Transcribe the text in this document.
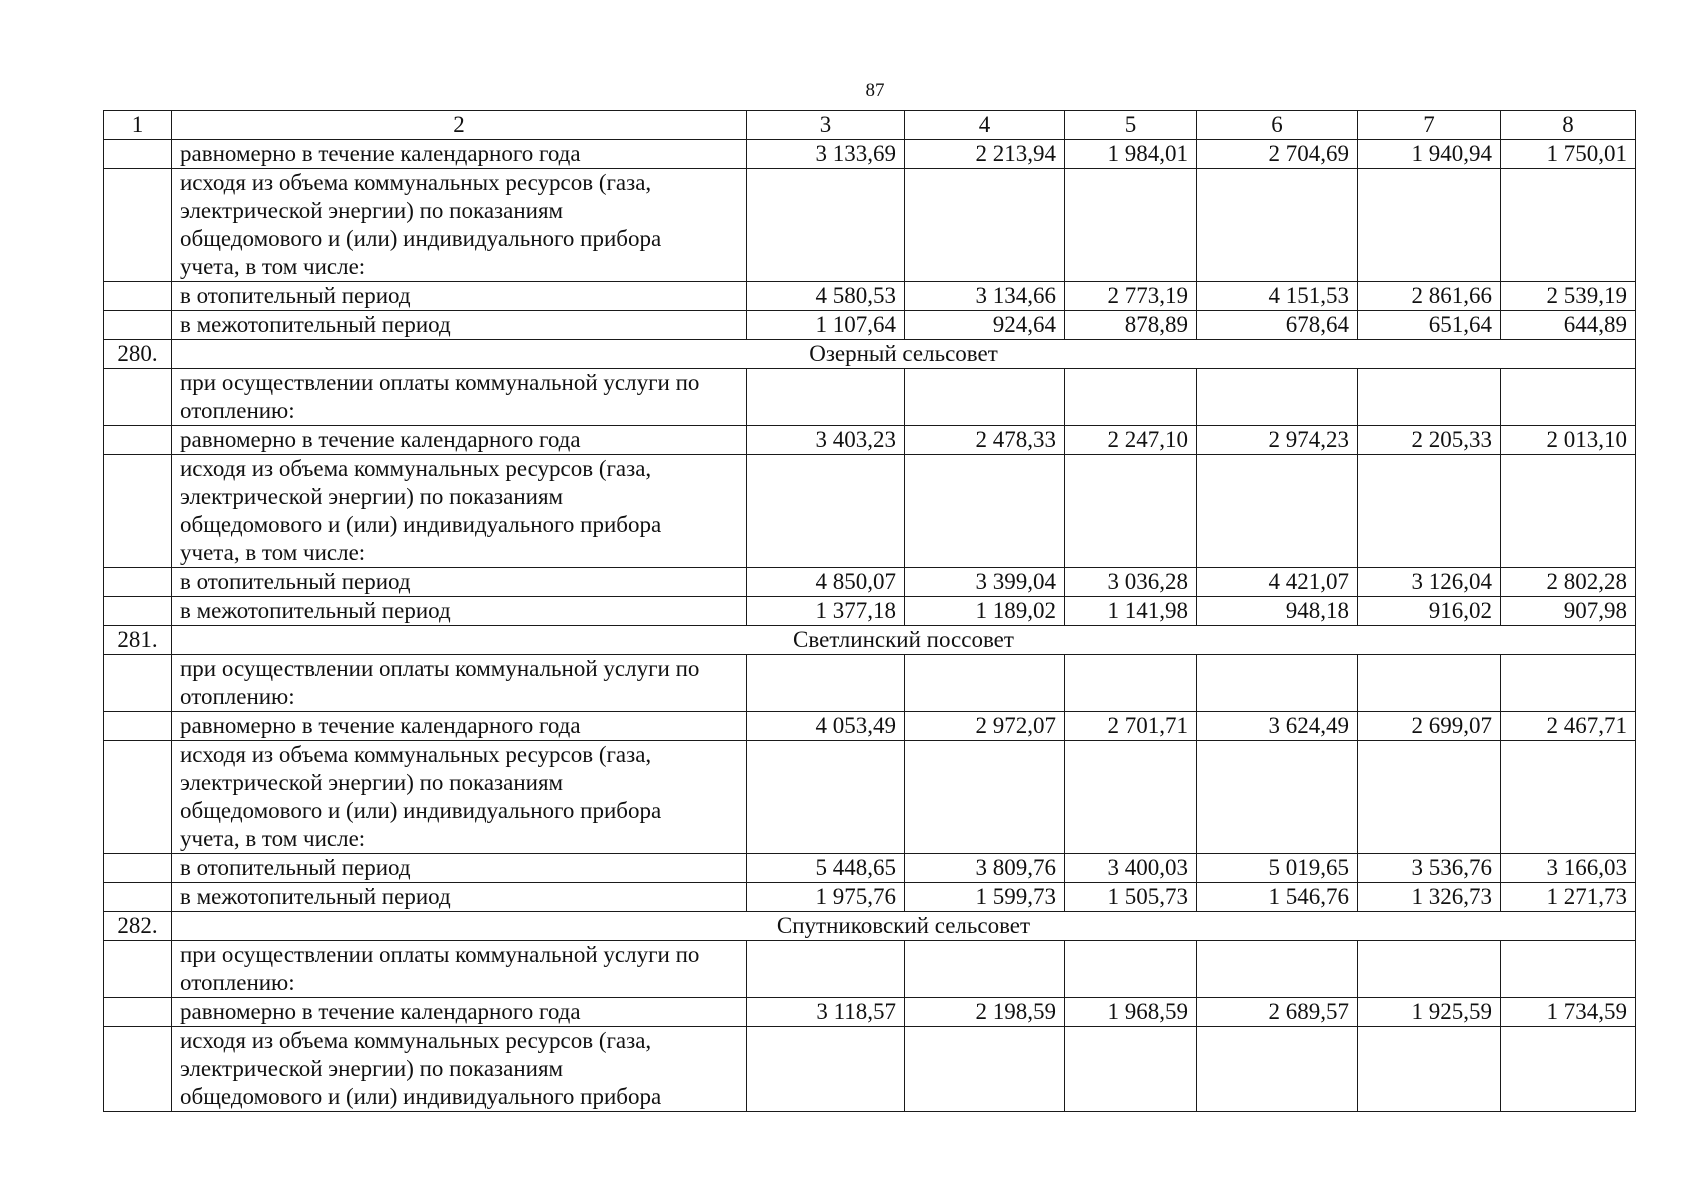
87
1	2	3	4	5	6	7	8
	равномерно в течение календарного года	3 133,69	2 213,94	1 984,01	2 704,69	1 940,94	1 750,01
	исходя из объема коммунальных ресурсов (газа,
электрической энергии) по показаниям
общедомового и (или) индивидуального прибора
учета, в том числе:						
	в отопительный период	4 580,53	3 134,66	2 773,19	4 151,53	2 861,66	2 539,19
	в межотопительный период	1 107,64	924,64	878,89	678,64	651,64	644,89
280.	Озерный сельсовет						
	при осуществлении оплаты коммунальной услуги по
отоплению:						
	равномерно в течение календарного года	3 403,23	2 478,33	2 247,10	2 974,23	2 205,33	2 013,10
	исходя из объема коммунальных ресурсов (газа,
электрической энергии) по показаниям
общедомового и (или) индивидуального прибора
учета, в том числе:						
	в отопительный период	4 850,07	3 399,04	3 036,28	4 421,07	3 126,04	2 802,28
	в межотопительный период	1 377,18	1 189,02	1 141,98	948,18	916,02	907,98
281.	Светлинский поссовет						
	при осуществлении оплаты коммунальной услуги по
отоплению:						
	равномерно в течение календарного года	4 053,49	2 972,07	2 701,71	3 624,49	2 699,07	2 467,71
	исходя из объема коммунальных ресурсов (газа,
электрической энергии) по показаниям
общедомового и (или) индивидуального прибора
учета, в том числе:						
	в отопительный период	5 448,65	3 809,76	3 400,03	5 019,65	3 536,76	3 166,03
	в межотопительный период	1 975,76	1 599,73	1 505,73	1 546,76	1 326,73	1 271,73
282.	Спутниковский сельсовет						
	при осуществлении оплаты коммунальной услуги по
отоплению:						
	равномерно в течение календарного года	3 118,57	2 198,59	1 968,59	2 689,57	1 925,59	1 734,59
	исходя из объема коммунальных ресурсов (газа,
электрической энергии) по показаниям
общедомового и (или) индивидуального прибора						
